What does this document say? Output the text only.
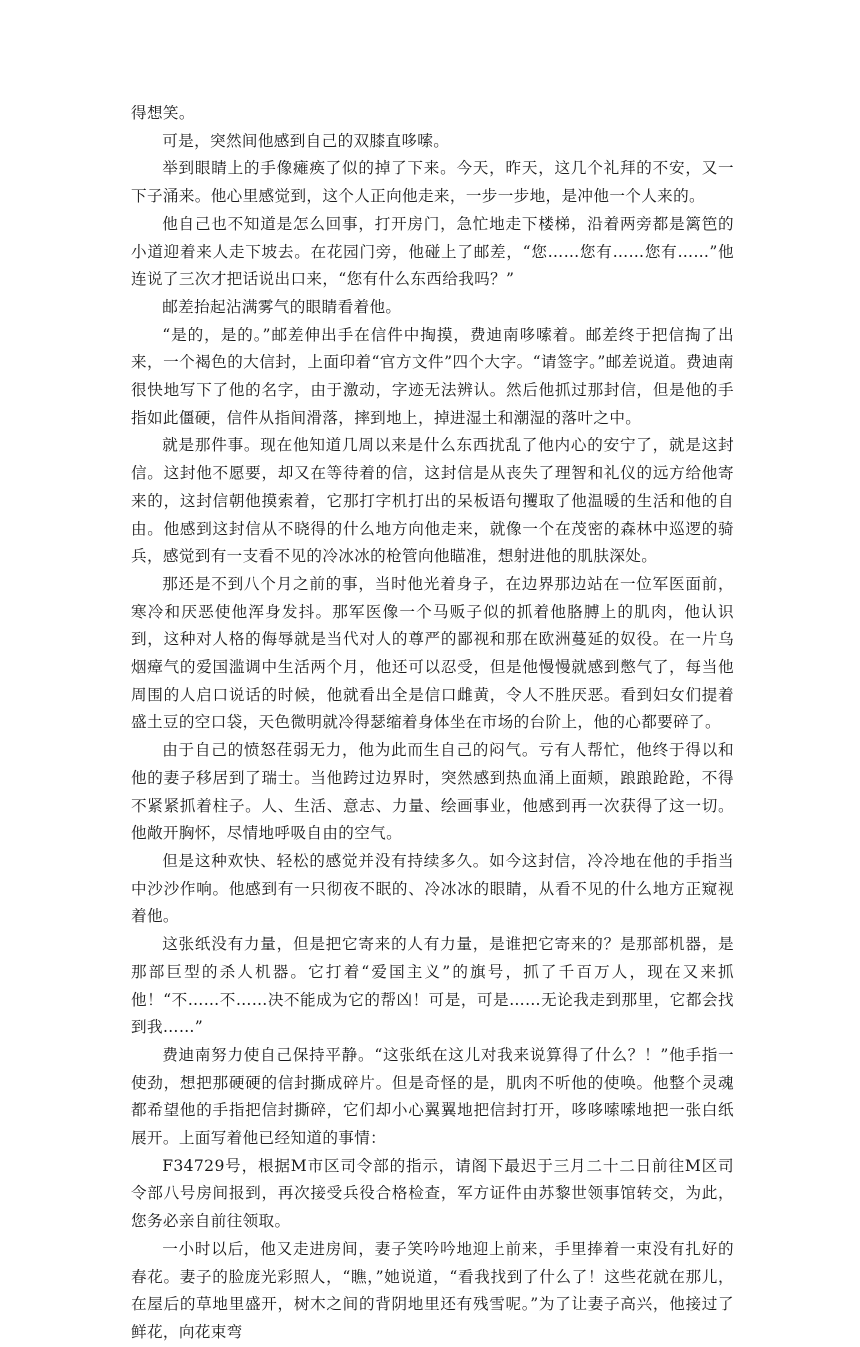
得想笑。

可是，突然间他感到自己的双膝直哆嗦。

举到眼睛上的手像瘫痪了似的掉了下来。今天，昨天，这几个礼拜的不安，又一下子涌来。他心里感觉到，这个人正向他走来，一步一步地，是冲他一个人来的。

他自己也不知道是怎么回事，打开房门，急忙地走下楼梯，沿着两旁都是篱笆的小道迎着来人走下坡去。在花园门旁，他碰上了邮差，“您……您有……您有……”他连说了三次才把话说出口来，“您有什么东西给我吗？”

邮差抬起沾满雾气的眼睛看着他。

“是的，是的。”邮差伸出手在信件中掏摸，费迪南哆嗦着。邮差终于把信掏了出来，一个褐色的大信封，上面印着“官方文件”四个大字。“请签字。”邮差说道。费迪南很快地写下了他的名字，由于激动，字迹无法辨认。然后他抓过那封信，但是他的手指如此僵硬，信件从指间滑落，摔到地上，掉进湿土和潮湿的落叶之中。

就是那件事。现在他知道几周以来是什么东西扰乱了他内心的安宁了，就是这封信。这封他不愿要，却又在等待着的信，这封信是从丧失了理智和礼仪的远方给他寄来的，这封信朝他摸索着，它那打字机打出的呆板语句攫取了他温暖的生活和他的自由。他感到这封信从不晓得的什么地方向他走来，就像一个在茂密的森林中巡逻的骑兵，感觉到有一支看不见的冷冰冰的枪管向他瞄准，想射进他的肌肤深处。

那还是不到八个月之前的事，当时他光着身子，在边界那边站在一位军医面前，寒冷和厌恶使他浑身发抖。那军医像一个马贩子似的抓着他胳膊上的肌肉，他认识到，这种对人格的侮辱就是当代对人的尊严的鄙视和那在欧洲蔓延的奴役。在一片乌烟瘴气的爱国滥调中生活两个月，他还可以忍受，但是他慢慢就感到憋气了，每当他周围的人启口说话的时候，他就看出全是信口雌黄，令人不胜厌恶。看到妇女们提着盛土豆的空口袋，天色微明就冷得瑟缩着身体坐在市场的台阶上，他的心都要碎了。

由于自己的愤怒荏弱无力，他为此而生自己的闷气。亏有人帮忙，他终于得以和他的妻子移居到了瑞士。当他跨过边界时，突然感到热血涌上面颊，踉踉跄跄，不得不紧紧抓着柱子。人、生活、意志、力量、绘画事业，他感到再一次获得了这一切。他敞开胸怀，尽情地呼吸自由的空气。

但是这种欢快、轻松的感觉并没有持续多久。如今这封信，冷冷地在他的手指当中沙沙作响。他感到有一只彻夜不眠的、冷冰冰的眼睛，从看不见的什么地方正窥视着他。

这张纸没有力量，但是把它寄来的人有力量，是谁把它寄来的？是那部机器，是那部巨型的杀人机器。它打着“爱国主义”的旗号，抓了千百万人，现在又来抓他！“不……不……决不能成为它的帮凶！可是，可是……无论我走到那里，它都会找到我……”

费迪南努力使自己保持平静。“这张纸在这儿对我来说算得了什么？！”他手指一使劲，想把那硬硬的信封撕成碎片。但是奇怪的是，肌肉不听他的使唤。他整个灵魂都希望他的手指把信封撕碎，它们却小心翼翼地把信封打开，哆哆嗦嗦地把一张白纸展开。上面写着他已经知道的事情：

F34729号，根据M市区司令部的指示，请阁下最迟于三月二十二日前往M区司令部八号房间报到，再次接受兵役合格检查，军方证件由苏黎世领事馆转交，为此，您务必亲自前往领取。

一小时以后，他又走进房间，妻子笑吟吟地迎上前来，手里捧着一束没有扎好的春花。妻子的脸庞光彩照人，“瞧，”她说道，“看我找到了什么了！这些花就在那儿，在屋后的草地里盛开，树木之间的背阴地里还有残雪呢。”为了让妻子高兴，他接过了鲜花，向花束弯
